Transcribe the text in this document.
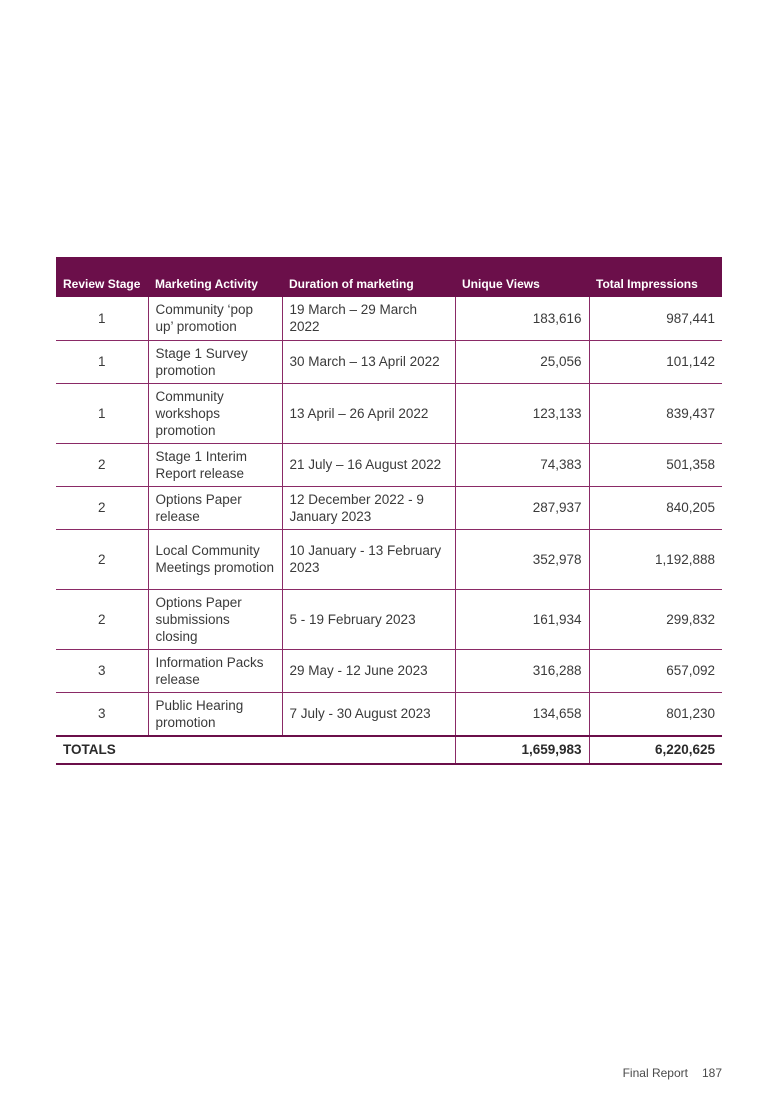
Review Stage	Marketing Activity	Duration of marketing	Unique Views	Total Impressions
1	Community ‘pop up’ promotion	19 March – 29 March 2022	183,616	987,441
1	Stage 1 Survey promotion	30 March – 13 April 2022	25,056	101,142
1	Community workshops promotion	13 April – 26 April 2022	123,133	839,437
2	Stage 1 Interim Report release	21 July – 16 August 2022	74,383	501,358
2	Options Paper release	12 December 2022 - 9 January 2023	287,937	840,205
2	Local Community Meetings promotion	10 January - 13 February 2023	352,978	1,192,888
2	Options Paper submissions closing	5 - 19 February 2023	161,934	299,832
3	Information Packs release	29 May - 12 June 2023	316,288	657,092
3	Public Hearing promotion	7 July - 30 August 2023	134,658	801,230
TOTALS			1,659,983	6,220,625
Final Report 187
